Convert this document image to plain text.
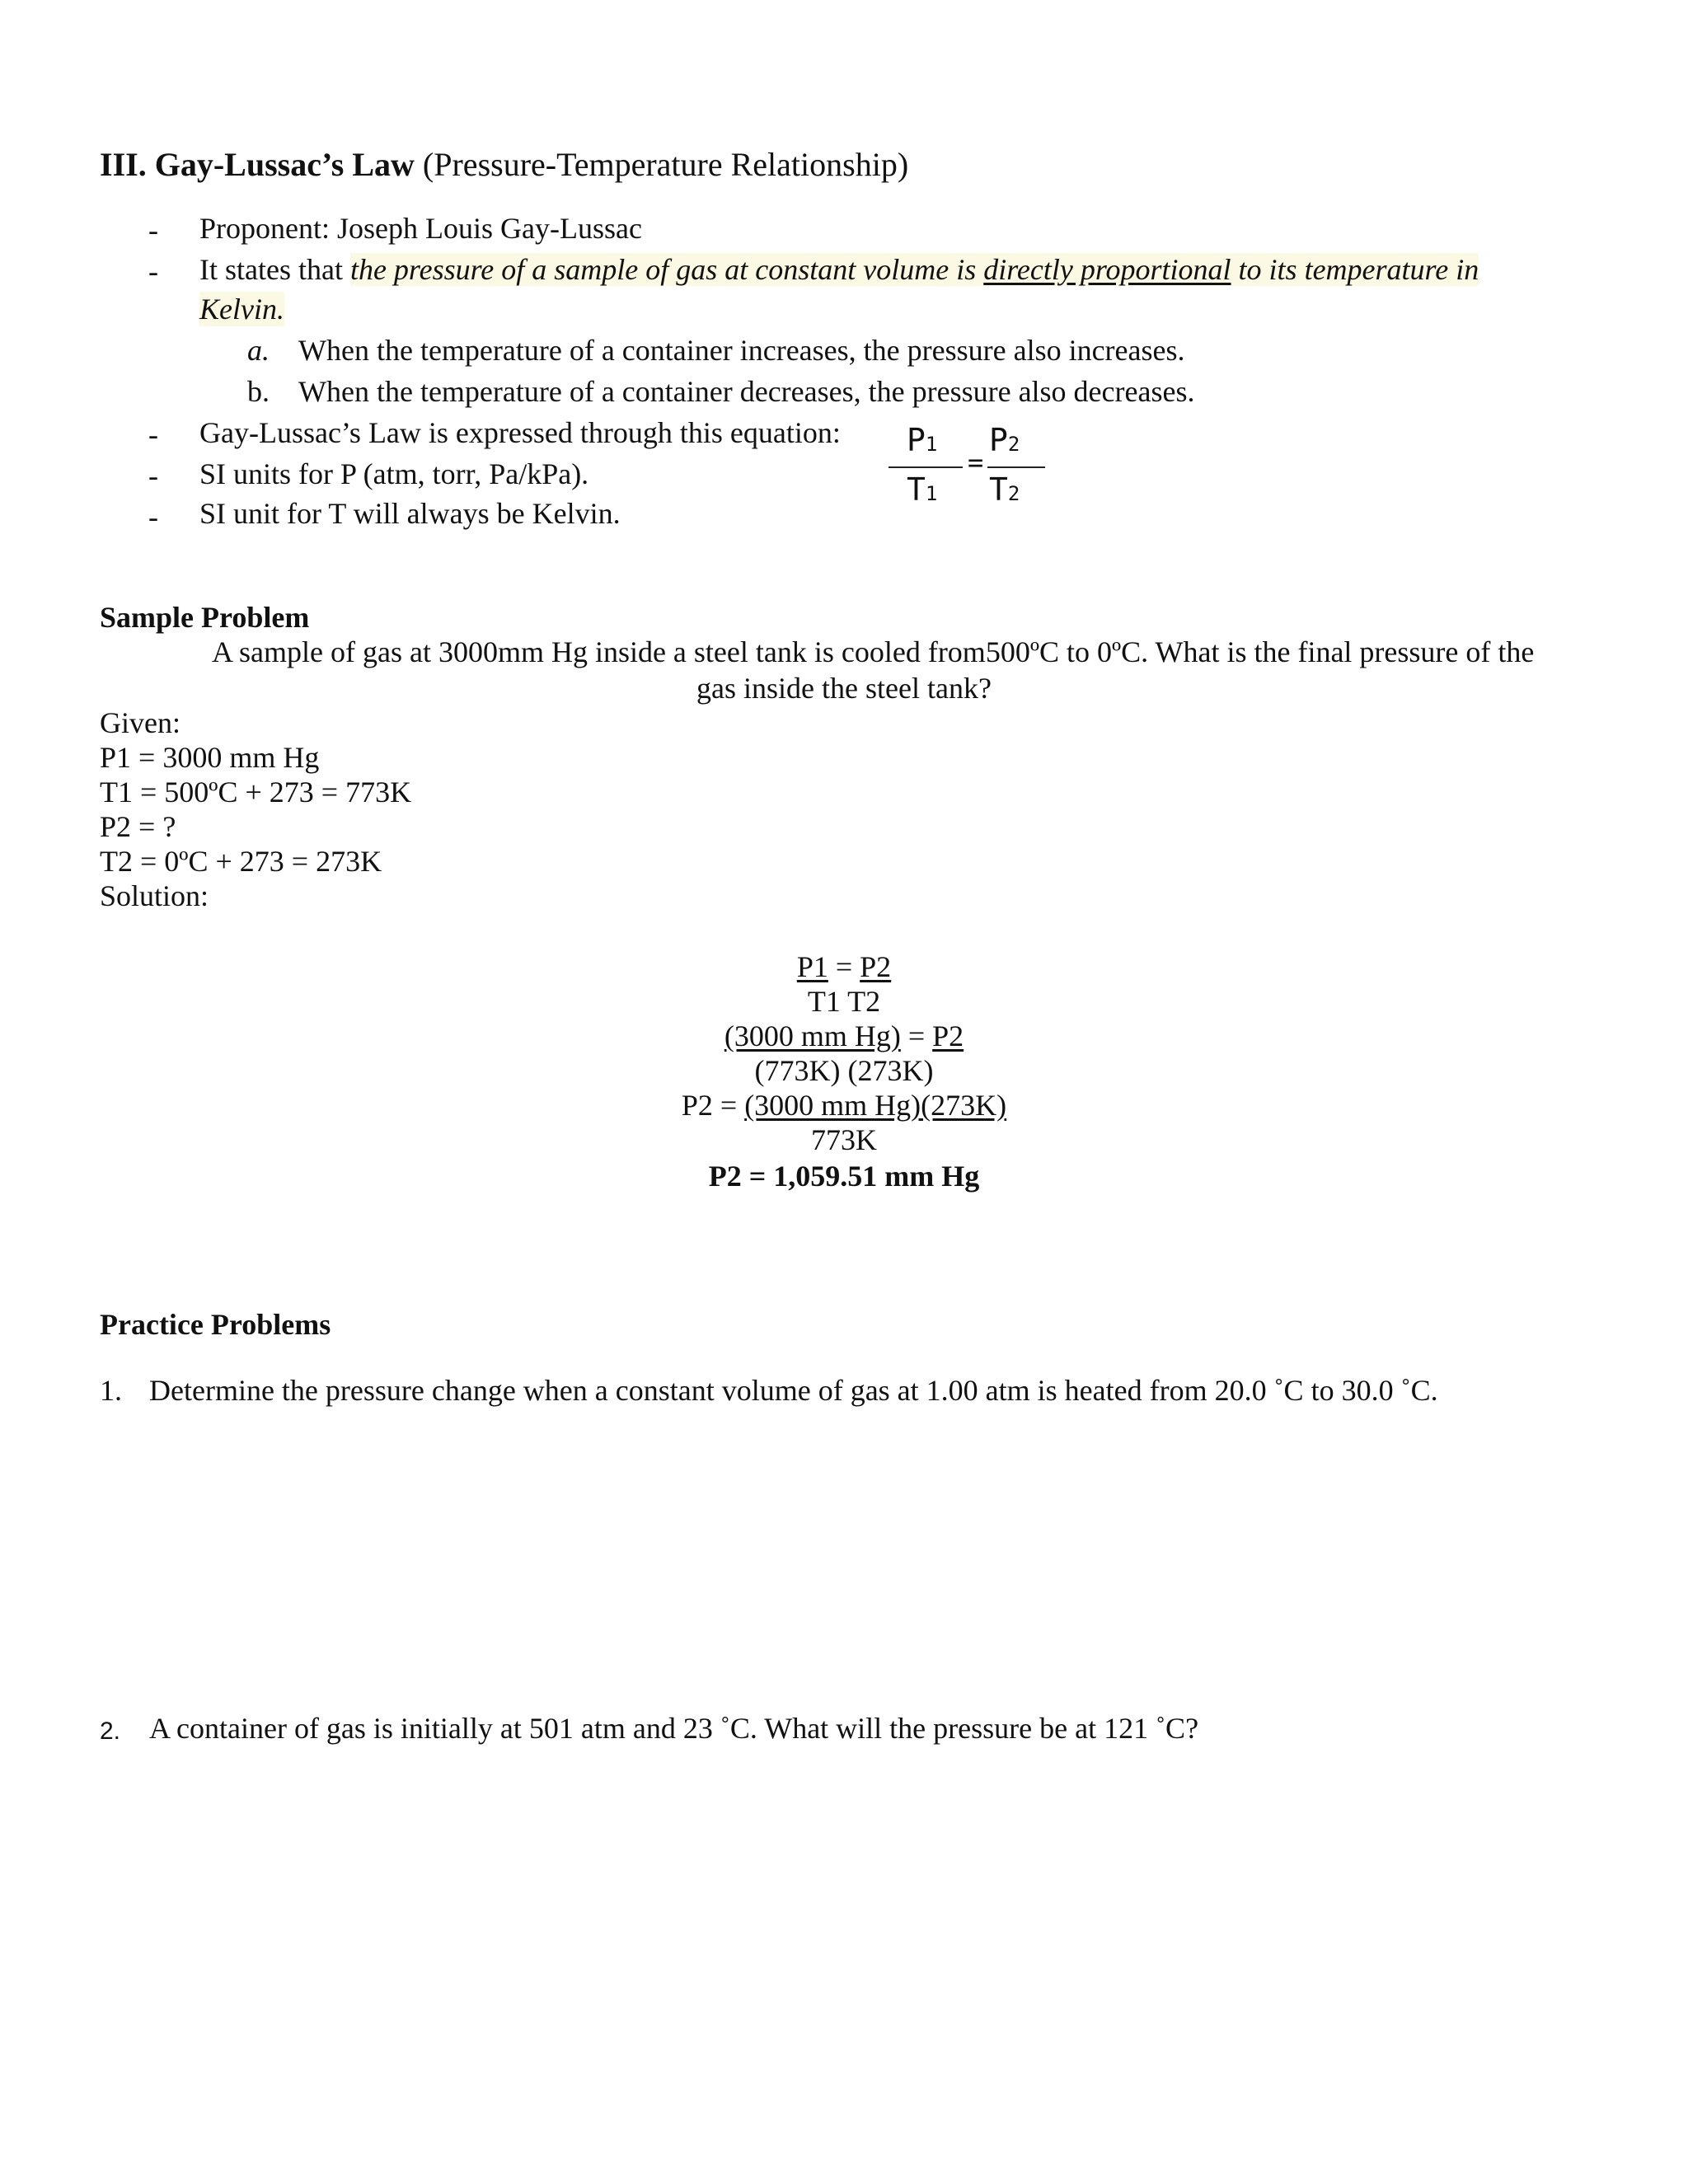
III. Gay-Lussac’s Law (Pressure-Temperature Relationship)
- Proponent: Joseph Louis Gay-Lussac
- It states that the pressure of a sample of gas at constant volume is directly proportional to its temperature in
Kelvin.
a. When the temperature of a container increases, the pressure also increases.
b. When the temperature of a container decreases, the pressure also decreases.
- Gay-Lussac’s Law is expressed through this equation:
- SI units for P (atm, torr, Pa/kPa).
- SI unit for T will always be Kelvin.
P1
T1
=
P2
T2
Sample Problem
A sample of gas at 3000mm Hg inside a steel tank is cooled from500ºC to 0ºC. What is the final pressure of the
gas inside the steel tank?
Given:
P1 = 3000 mm Hg
T1 = 500ºC + 273 = 773K
P2 = ?
T2 = 0ºC + 273 = 273K
Solution:
P1 = P2
T1 T2
(3000 mm Hg) = P2
(773K) (273K)
P2 = (3000 mm Hg)(273K)
773K
P2 = 1,059.51 mm Hg
Practice Problems
1. Determine the pressure change when a constant volume of gas at 1.00 atm is heated from 20.0 ˚C to 30.0 ˚C.
2. A container of gas is initially at 501 atm and 23 ˚C. What will the pressure be at 121 ˚C?
